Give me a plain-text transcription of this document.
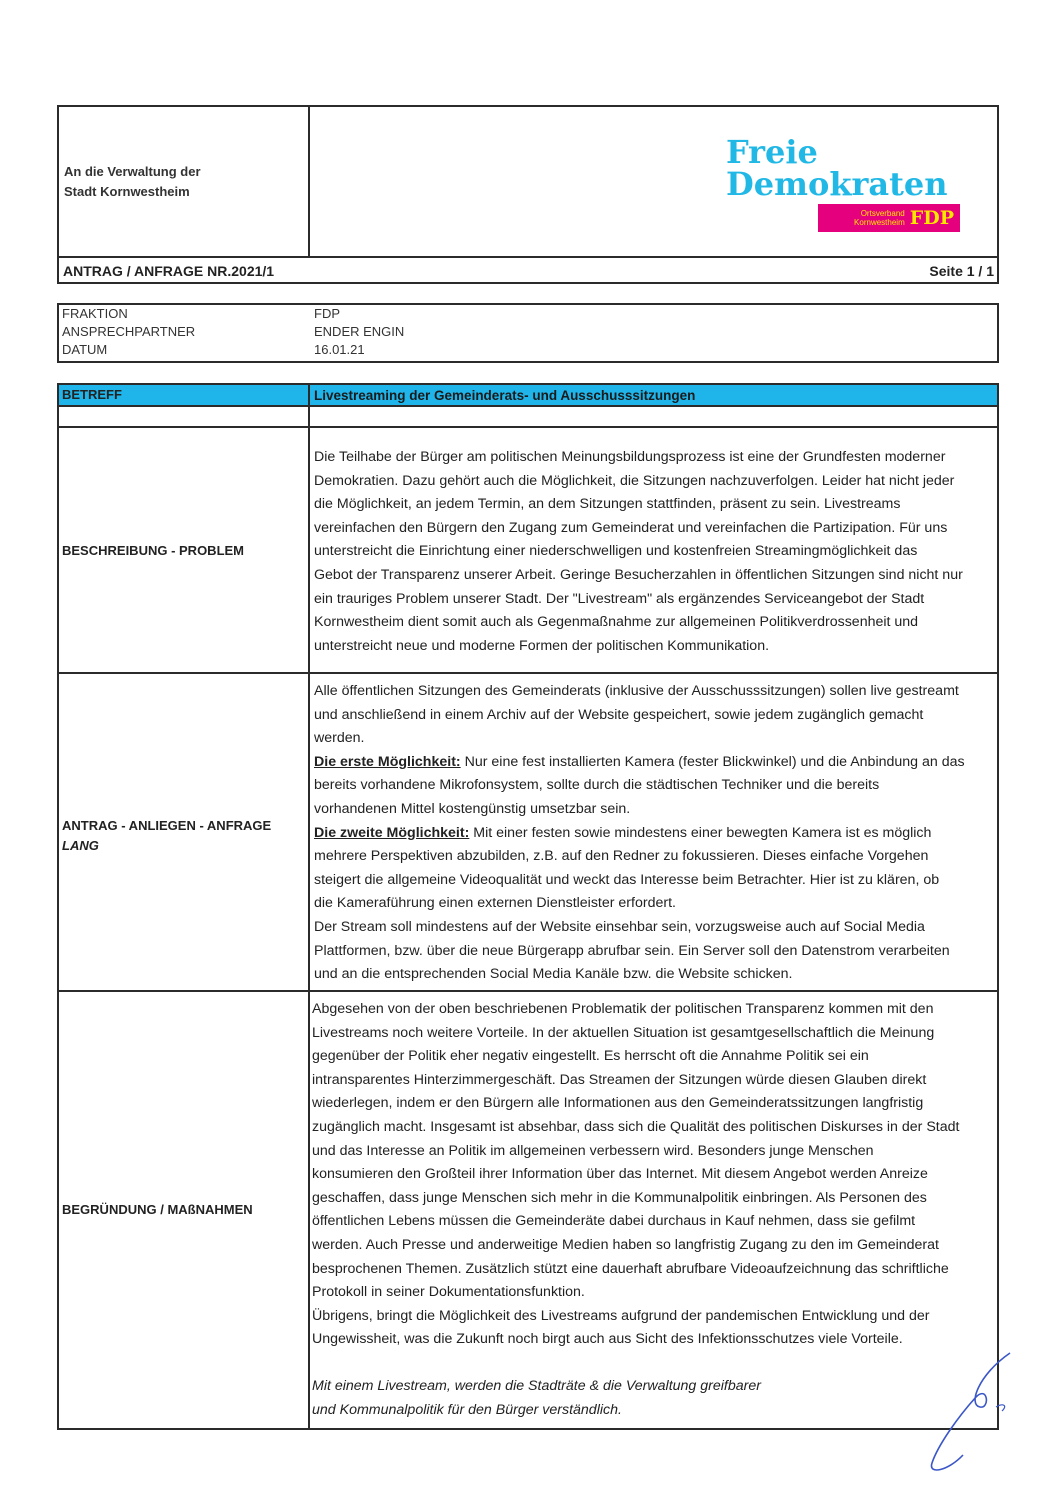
An die Verwaltung der
Stadt Kornwestheim
Freie
Demokraten
Ortsverband
Kornwestheim FDP
ANTRAG / ANFRAGE NR.2021/1	Seite 1 / 1
FRAKTION
ANSPRECHPARTNER
DATUM
FDP
ENDER ENGIN
16.01.21
BETREFF	Livestreaming der Gemeinderats- und Ausschusssitzungen
BESCHREIBUNG - PROBLEM
Die Teilhabe der Bürger am politischen Meinungsbildungsprozess ist eine der Grundfesten moderner
Demokratien. Dazu gehört auch die Möglichkeit, die Sitzungen nachzuverfolgen. Leider hat nicht jeder
die Möglichkeit, an jedem Termin, an dem Sitzungen stattfinden, präsent zu sein. Livestreams
vereinfachen den Bürgern den Zugang zum Gemeinderat und vereinfachen die Partizipation. Für uns
unterstreicht die Einrichtung einer niederschwelligen und kostenfreien Streamingmöglichkeit das
Gebot der Transparenz unserer Arbeit. Geringe Besucherzahlen in öffentlichen Sitzungen sind nicht nur
ein trauriges Problem unserer Stadt. Der "Livestream" als ergänzendes Serviceangebot der Stadt
Kornwestheim dient somit auch als Gegenmaßnahme zur allgemeinen Politikverdrossenheit und
unterstreicht neue und moderne Formen der politischen Kommunikation.
ANTRAG - ANLIEGEN - ANFRAGE
LANG
Alle öffentlichen Sitzungen des Gemeinderats (inklusive der Ausschusssitzungen) sollen live gestreamt
und anschließend in einem Archiv auf der Website gespeichert, sowie jedem zugänglich gemacht
werden.
Die erste Möglichkeit: Nur eine fest installierten Kamera (fester Blickwinkel) und die Anbindung an das
bereits vorhandene Mikrofonsystem, sollte durch die städtischen Techniker und die bereits
vorhandenen Mittel kostengünstig umsetzbar sein.
Die zweite Möglichkeit: Mit einer festen sowie mindestens einer bewegten Kamera ist es möglich
mehrere Perspektiven abzubilden, z.B. auf den Redner zu fokussieren. Dieses einfache Vorgehen
steigert die allgemeine Videoqualität und weckt das Interesse beim Betrachter. Hier ist zu klären, ob
die Kameraführung einen externen Dienstleister erfordert.
Der Stream soll mindestens auf der Website einsehbar sein, vorzugsweise auch auf Social Media
Plattformen, bzw. über die neue Bürgerapp abrufbar sein. Ein Server soll den Datenstrom verarbeiten
und an die entsprechenden Social Media Kanäle bzw. die Website schicken.
BEGRÜNDUNG / MAßNAHMEN
Abgesehen von der oben beschriebenen Problematik der politischen Transparenz kommen mit den
Livestreams noch weitere Vorteile. In der aktuellen Situation ist gesamtgesellschaftlich die Meinung
gegenüber der Politik eher negativ eingestellt. Es herrscht oft die Annahme Politik sei ein
intransparentes Hinterzimmergeschäft. Das Streamen der Sitzungen würde diesen Glauben direkt
wiederlegen, indem er den Bürgern alle Informationen aus den Gemeinderatssitzungen langfristig
zugänglich macht. Insgesamt ist absehbar, dass sich die Qualität des politischen Diskurses in der Stadt
und das Interesse an Politik im allgemeinen verbessern wird. Besonders junge Menschen
konsumieren den Großteil ihrer Information über das Internet. Mit diesem Angebot werden Anreize
geschaffen, dass junge Menschen sich mehr in die Kommunalpolitik einbringen. Als Personen des
öffentlichen Lebens müssen die Gemeinderäte dabei durchaus in Kauf nehmen, dass sie gefilmt
werden. Auch Presse und anderweitige Medien haben so langfristig Zugang zu den im Gemeinderat
besprochenen Themen. Zusätzlich stützt eine dauerhaft abrufbare Videoaufzeichnung das schriftliche
Protokoll in seiner Dokumentationsfunktion.
Übrigens, bringt die Möglichkeit des Livestreams aufgrund der pandemischen Entwicklung und der
Ungewissheit, was die Zukunft noch birgt auch aus Sicht des Infektionsschutzes viele Vorteile.
Mit einem Livestream, werden die Stadträte & die Verwaltung greifbarer
und Kommunalpolitik für den Bürger verständlich.
